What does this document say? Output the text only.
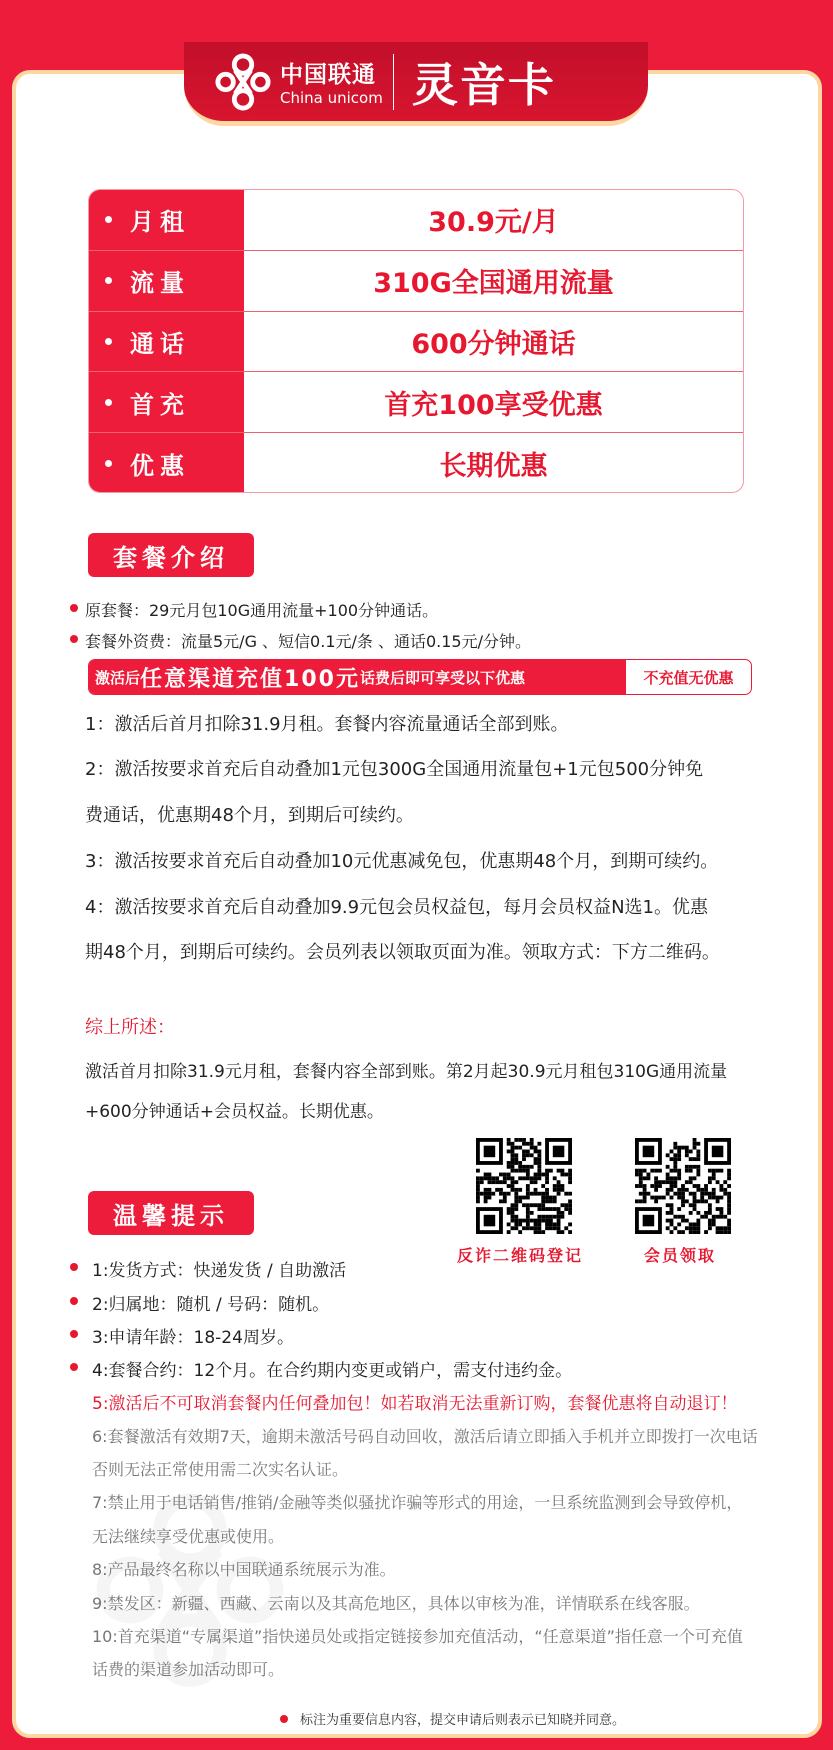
中国联通
China unicom 灵音卡
月租	30.9元/月
流量	310G全国通用流量
通话	600分钟通话
首充	首充100享受优惠
优惠	长期优惠
套餐介绍
原套餐：29元月包10G通用流量+100分钟通话。
套餐外资费：流量5元/G 、短信0.1元/条 、通话0.15元/分钟。
激活后 任意渠道充值100元 话费后即可享受以下优惠	不充值无优惠
1：激活后首月扣除31.9月租。套餐内容流量通话全部到账。
2：激活按要求首充后自动叠加1元包300G全国通用流量包+1元包500分钟免
费通话，优惠期48个月，到期后可续约。
3：激活按要求首充后自动叠加10元优惠减免包，优惠期48个月，到期可续约。
4：激活按要求首充后自动叠加9.9元包会员权益包，每月会员权益N选1。优惠
期48个月，到期后可续约。会员列表以领取页面为准。领取方式：下方二维码。
综上所述：
激活首月扣除31.9元月租，套餐内容全部到账。第2月起30.9元月租包310G通用流量
+600分钟通话+会员权益。长期优惠。
反诈二维码登记	会员领取
温馨提示
1:发货方式：快递发货 / 自助激活
2:归属地：随机 / 号码：随机。
3:申请年龄：18-24周岁。
4:套餐合约：12个月。在合约期内变更或销户，需支付违约金。
5:激活后不可取消套餐内任何叠加包！如若取消无法重新订购，套餐优惠将自动退订！
6:套餐激活有效期7天，逾期未激活号码自动回收，激活后请立即插入手机并立即拨打一次电话
否则无法正常使用需二次实名认证。
7:禁止用于电话销售/推销/金融等类似骚扰诈骗等形式的用途，一旦系统监测到会导致停机，
无法继续享受优惠或使用。
8:产品最终名称以中国联通系统展示为准。
9:禁发区：新疆、西藏、云南以及其高危地区，具体以审核为准，详情联系在线客服。
10:首充渠道“专属渠道”指快递员处或指定链接参加充值活动，“任意渠道”指任意一个可充值
话费的渠道参加活动即可。
标注为重要信息内容，提交申请后则表示已知晓并同意。
